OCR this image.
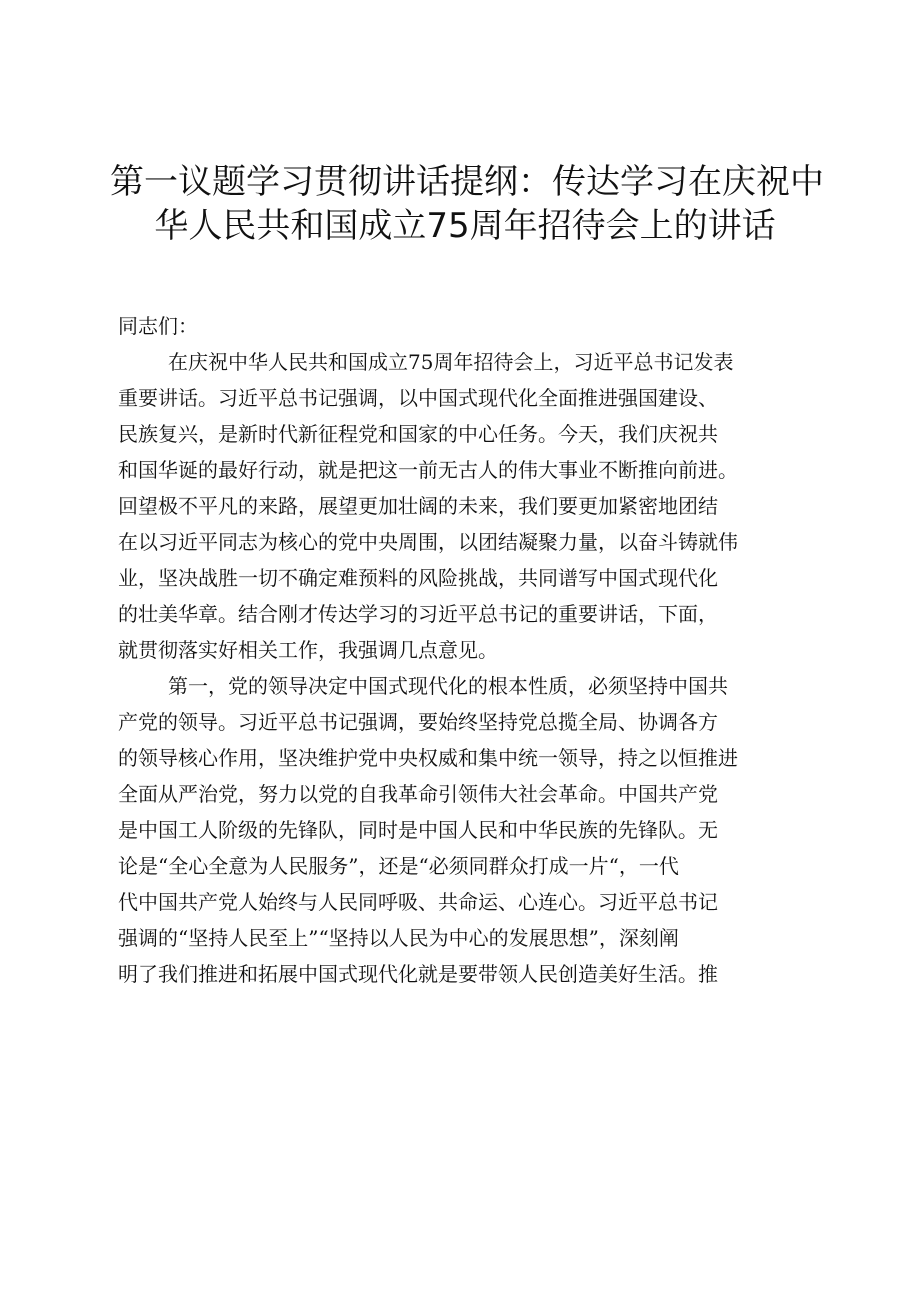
第一议题学习贯彻讲话提纲：传达学习在庆祝中
华人民共和国成立75周年招待会上的讲话

同志们：

在庆祝中华人民共和国成立75周年招待会上，习近平总书记发表
重要讲话。习近平总书记强调，以中国式现代化全面推进强国建设、
民族复兴，是新时代新征程党和国家的中心任务。今天，我们庆祝共
和国华诞的最好行动，就是把这一前无古人的伟大事业不断推向前进。
回望极不平凡的来路，展望更加壮阔的未来，我们要更加紧密地团结
在以习近平同志为核心的党中央周围，以团结凝聚力量，以奋斗铸就伟
业，坚决战胜一切不确定难预料的风险挑战，共同谱写中国式现代化
的壮美华章。结合刚才传达学习的习近平总书记的重要讲话，下面，
就贯彻落实好相关工作，我强调几点意见。
第一，党的领导决定中国式现代化的根本性质，必须坚持中国共
产党的领导。习近平总书记强调，要始终坚持党总揽全局、协调各方
的领导核心作用，坚决维护党中央权威和集中统一领导，持之以恒推进
全面从严治党，努力以党的自我革命引领伟大社会革命。中国共产党
是中国工人阶级的先锋队，同时是中国人民和中华民族的先锋队。无
论是“全心全意为人民服务”，还是“必须同群众打成一片“，一代
代中国共产党人始终与人民同呼吸、共命运、心连心。习近平总书记
强调的“坚持人民至上”“坚持以人民为中心的发展思想”，深刻阐
明了我们推进和拓展中国式现代化就是要带领人民创造美好生活。推
